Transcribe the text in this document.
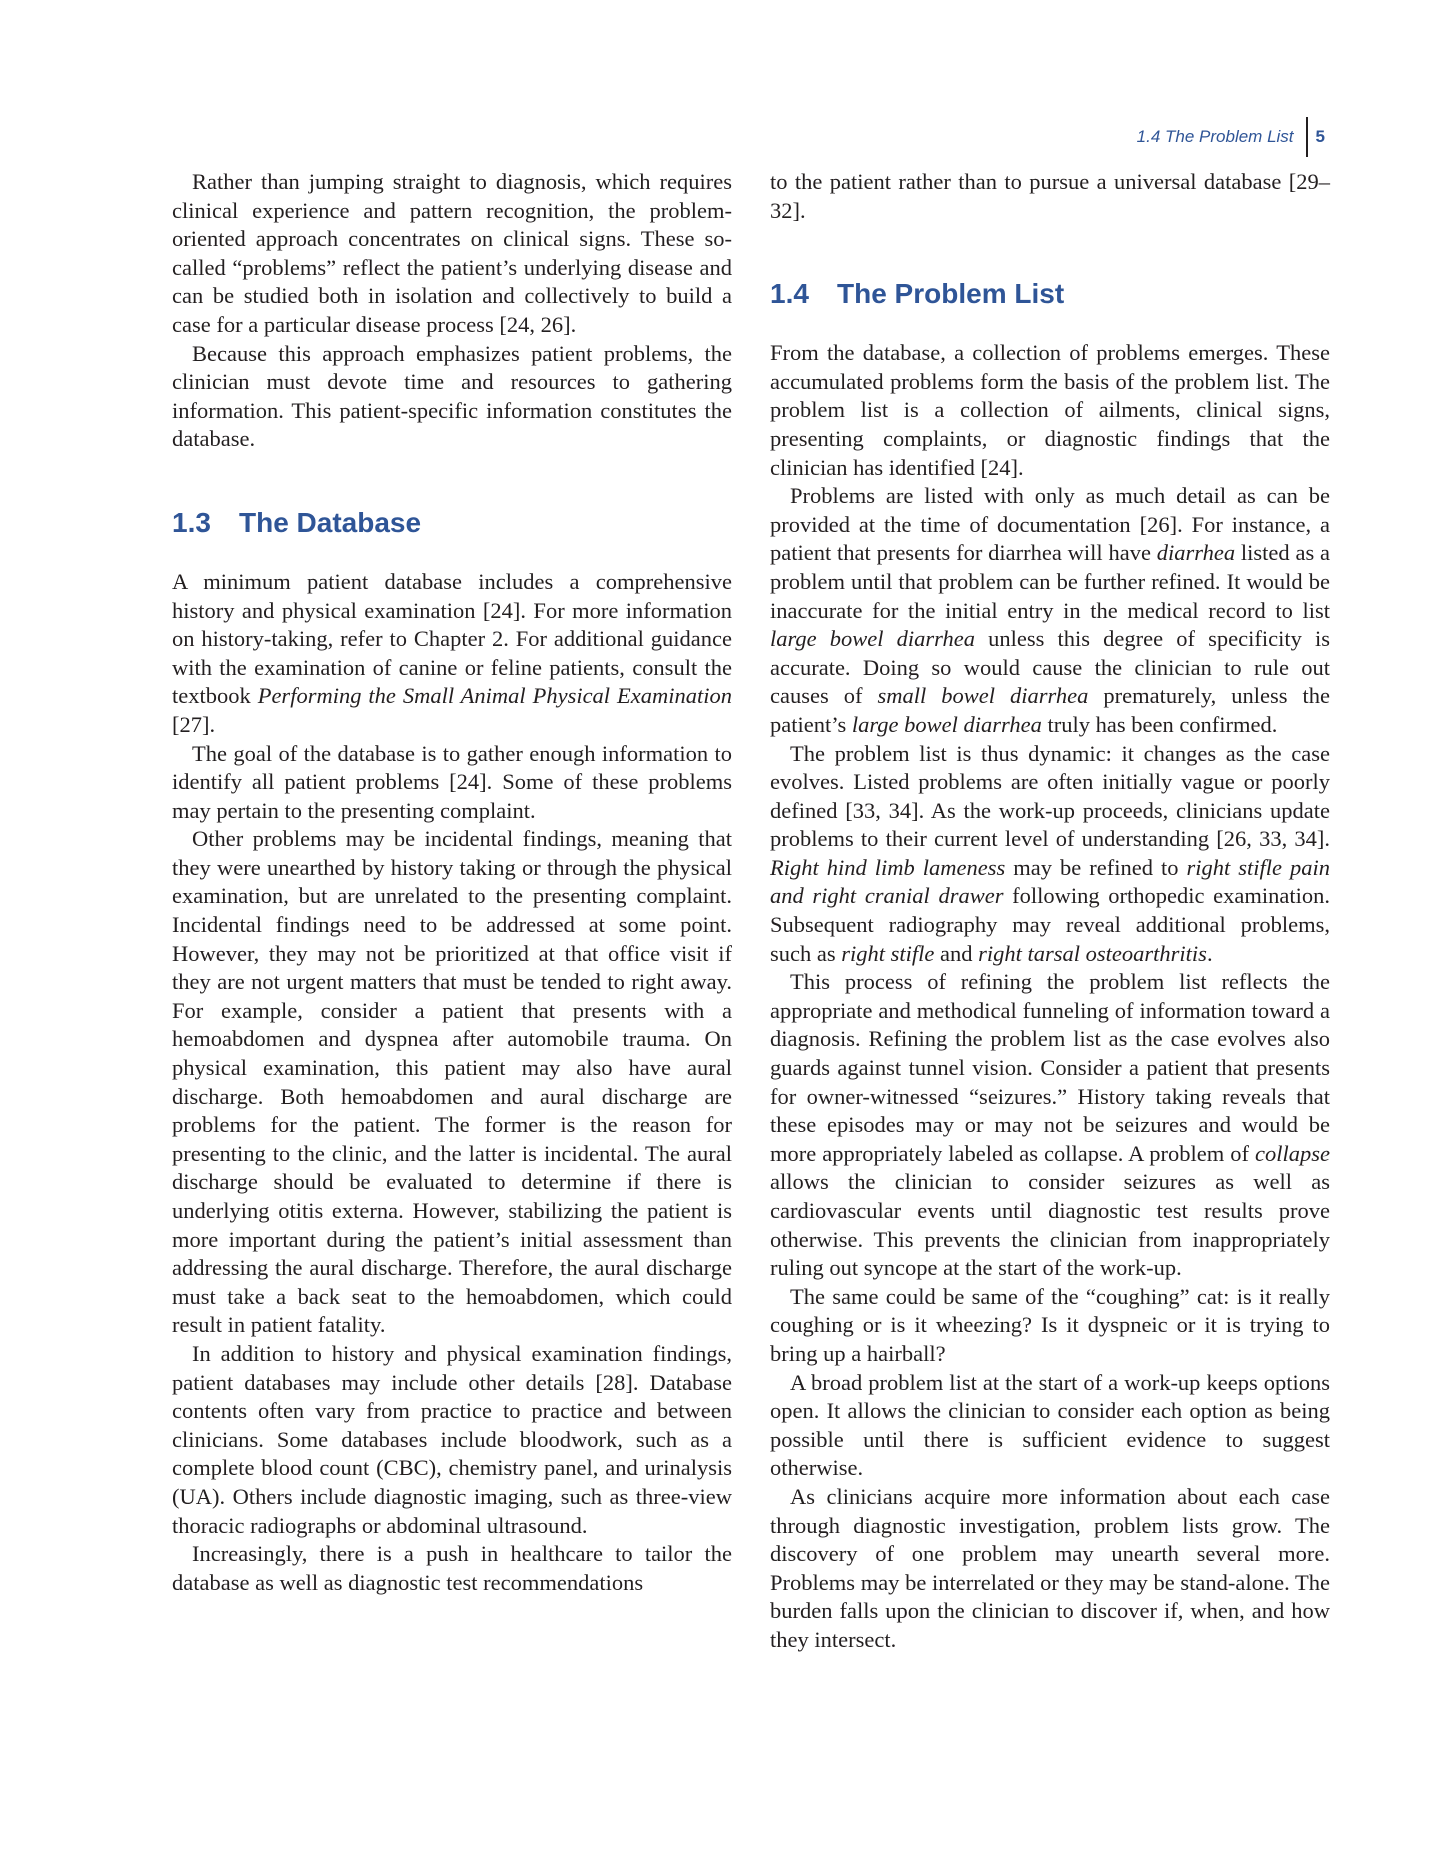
1.4 The Problem List	5

Rather than jumping straight to diagnosis, which requires clinical experience and pattern recognition, the problem-oriented approach concentrates on clinical signs. These so-called “problems” reflect the patient’s underlying disease and can be studied both in isolation and collectively to build a case for a particular disease process [24, 26].

Because this approach emphasizes patient problems, the clinician must devote time and resources to gathering information. This patient-specific information constitutes the database.

1.3 The Database

A minimum patient database includes a comprehensive history and physical examination [24]. For more information on history-taking, refer to Chapter 2. For additional guidance with the examination of canine or feline patients, consult the textbook Performing the Small Animal Physical Examination [27].

The goal of the database is to gather enough information to identify all patient problems [24]. Some of these problems may pertain to the presenting complaint.

Other problems may be incidental findings, meaning that they were unearthed by history taking or through the physical examination, but are unrelated to the presenting complaint. Incidental findings need to be addressed at some point. However, they may not be prioritized at that office visit if they are not urgent matters that must be tended to right away. For example, consider a patient that presents with a hemoabdomen and dyspnea after automobile trauma. On physical examination, this patient may also have aural discharge. Both hemoabdomen and aural discharge are problems for the patient. The former is the reason for presenting to the clinic, and the latter is incidental. The aural discharge should be evaluated to determine if there is underlying otitis externa. However, stabilizing the patient is more important during the patient’s initial assessment than addressing the aural discharge. Therefore, the aural discharge must take a back seat to the hemoabdomen, which could result in patient fatality.

In addition to history and physical examination findings, patient databases may include other details [28]. Database contents often vary from practice to practice and between clinicians. Some databases include bloodwork, such as a complete blood count (CBC), chemistry panel, and urinalysis (UA). Others include diagnostic imaging, such as three-view thoracic radiographs or abdominal ultrasound.

Increasingly, there is a push in healthcare to tailor the database as well as diagnostic test recommendations

to the patient rather than to pursue a universal database [29–32].

1.4 The Problem List

From the database, a collection of problems emerges. These accumulated problems form the basis of the problem list. The problem list is a collection of ailments, clinical signs, presenting complaints, or diagnostic findings that the clinician has identified [24].

Problems are listed with only as much detail as can be provided at the time of documentation [26]. For instance, a patient that presents for diarrhea will have diarrhea listed as a problem until that problem can be further refined. It would be inaccurate for the initial entry in the medical record to list large bowel diarrhea unless this degree of specificity is accurate. Doing so would cause the clinician to rule out causes of small bowel diarrhea prematurely, unless the patient’s large bowel diarrhea truly has been confirmed.

The problem list is thus dynamic: it changes as the case evolves. Listed problems are often initially vague or poorly defined [33, 34]. As the work-up proceeds, clinicians update problems to their current level of understanding [26, 33, 34]. Right hind limb lameness may be refined to right stifle pain and right cranial drawer following orthopedic examination. Subsequent radiography may reveal additional problems, such as right stifle and right tarsal osteoarthritis.

This process of refining the problem list reflects the appropriate and methodical funneling of information toward a diagnosis. Refining the problem list as the case evolves also guards against tunnel vision. Consider a patient that presents for owner-witnessed “seizures.” History taking reveals that these episodes may or may not be seizures and would be more appropriately labeled as collapse. A problem of collapse allows the clinician to consider seizures as well as cardiovascular events until diagnostic test results prove otherwise. This prevents the clinician from inappropriately ruling out syncope at the start of the work-up.

The same could be same of the “coughing” cat: is it really coughing or is it wheezing? Is it dyspneic or it is trying to bring up a hairball?

A broad problem list at the start of a work-up keeps options open. It allows the clinician to consider each option as being possible until there is sufficient evidence to suggest otherwise.

As clinicians acquire more information about each case through diagnostic investigation, problem lists grow. The discovery of one problem may unearth several more. Problems may be interrelated or they may be stand-alone. The burden falls upon the clinician to discover if, when, and how they intersect.
